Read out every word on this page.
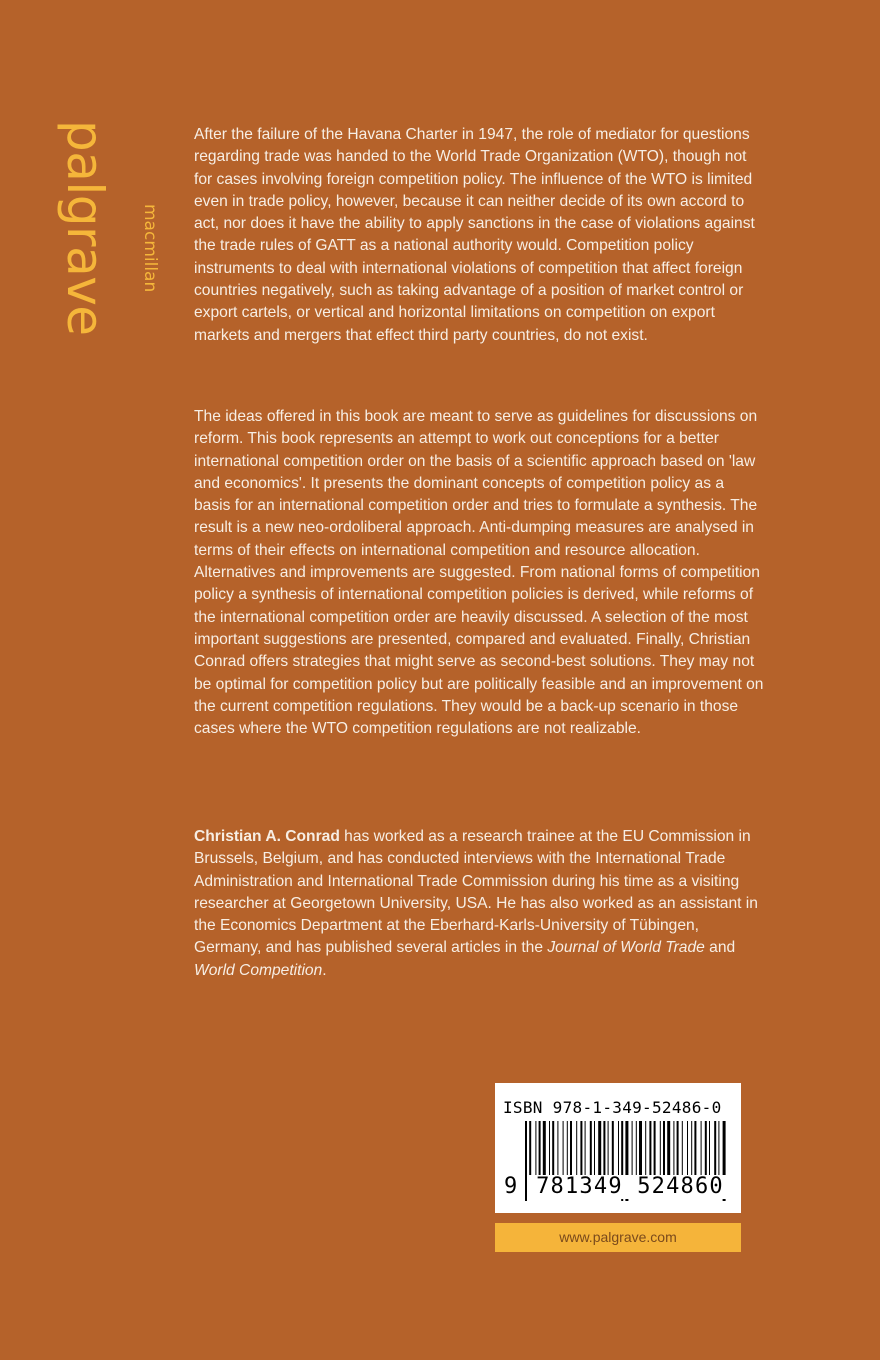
palgrave macmillan

After the failure of the Havana Charter in 1947, the role of mediator for questions regarding trade was handed to the World Trade Organization (WTO), though not for cases involving foreign competition policy. The influence of the WTO is limited even in trade policy, however, because it can neither decide of its own accord to act, nor does it have the ability to apply sanctions in the case of violations against the trade rules of GATT as a national authority would. Competition policy instruments to deal with international violations of competition that affect foreign countries negatively, such as taking advantage of a position of market control or export cartels, or vertical and horizontal limitations on competition on export markets and mergers that effect third party countries, do not exist.

The ideas offered in this book are meant to serve as guidelines for discussions on reform. This book represents an attempt to work out conceptions for a better international competition order on the basis of a scientific approach based on 'law and economics'. It presents the dominant concepts of competition policy as a basis for an international competition order and tries to formulate a synthesis. The result is a new neo-ordoliberal approach. Anti-dumping measures are analysed in terms of their effects on international competition and resource allocation. Alternatives and improvements are suggested. From national forms of competition policy a synthesis of international competition policies is derived, while reforms of the international competition order are heavily discussed. A selection of the most important suggestions are presented, compared and evaluated. Finally, Christian Conrad offers strategies that might serve as second-best solutions. They may not be optimal for competition policy but are politically feasible and an improvement on the current competition regulations. They would be a back-up scenario in those cases where the WTO competition regulations are not realizable.

Christian A. Conrad has worked as a research trainee at the EU Commission in Brussels, Belgium, and has conducted interviews with the International Trade Administration and International Trade Commission during his time as a visiting researcher at Georgetown University, USA. He has also worked as an assistant in the Economics Department at the Eberhard-Karls-University of Tübingen, Germany, and has published several articles in the Journal of World Trade and World Competition.

ISBN 978-1-349-52486-0
9 781349 524860
www.palgrave.com
